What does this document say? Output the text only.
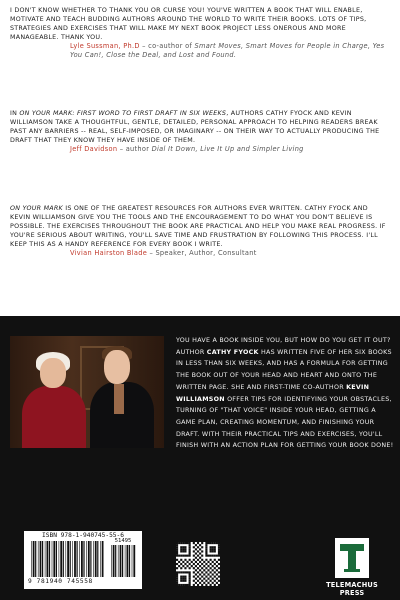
I DON'T KNOW WHETHER TO THANK YOU OR CURSE YOU! YOU'VE WRITTEN A BOOK THAT WILL ENABLE, MOTIVATE AND TEACH BUDDING AUTHORS AROUND THE WORLD TO WRITE THEIR BOOKS. LOTS OF TIPS, STRATEGIES AND EXERCISES THAT WILL MAKE MY NEXT BOOK PROJECT LESS ONEROUS AND MORE MANAGEABLE. THANK YOU.

Lyle Sussman, Ph.D – co-author of Smart Moves, Smart Moves for People in Charge, Yes You Can!, Close the Deal, and Lost and Found.

IN ON YOUR MARK: FIRST WORD TO FIRST DRAFT IN SIX WEEKS, AUTHORS CATHY FYOCK AND KEVIN WILLIAMSON TAKE A THOUGHTFUL, GENTLE, DETAILED, PERSONAL APPROACH TO HELPING READERS BREAK PAST ANY BARRIERS -- REAL, SELF-IMPOSED, OR IMAGINARY -- ON THEIR WAY TO ACTUALLY PRODUCING THE DRAFT THAT THEY KNOW THEY HAVE INSIDE OF THEM.

Jeff Davidson – author Dial It Down, Live It Up and Simpler Living

ON YOUR MARK IS ONE OF THE GREATEST RESOURCES FOR AUTHORS EVER WRITTEN. CATHY FYOCK AND KEVIN WILLIAMSON GIVE YOU THE TOOLS AND THE ENCOURAGEMENT TO DO WHAT YOU DON'T BELIEVE IS POSSIBLE. THE EXERCISES THROUGHOUT THE BOOK ARE PRACTICAL AND HELP YOU MAKE REAL PROGRESS. IF YOU'RE SERIOUS ABOUT WRITING, YOU'LL SAVE TIME AND FRUSTRATION BY FOLLOWING THIS PROCESS. I'LL KEEP THIS AS A HANDY REFERENCE FOR EVERY BOOK I WRITE.

Vivian Hairston Blade – Speaker, Author, Consultant

YOU HAVE A BOOK INSIDE YOU, BUT HOW DO YOU GET IT OUT? AUTHOR CATHY FYOCK HAS WRITTEN FIVE OF HER SIX BOOKS IN LESS THAN SIX WEEKS, AND HAS A FORMULA FOR GETTING THE BOOK OUT OF YOUR HEAD AND HEART AND ONTO THE WRITTEN PAGE. SHE AND FIRST-TIME CO-AUTHOR KEVIN WILLIAMSON OFFER TIPS FOR IDENTIFYING YOUR OBSTACLES, TURNING OF "THAT VOICE" INSIDE YOUR HEAD, GETTING A GAME PLAN, CREATING MOMENTUM, AND FINISHING YOUR DRAFT. WITH THEIR PRACTICAL TIPS AND EXERCISES, YOU'LL FINISH WITH AN ACTION PLAN FOR GETTING YOUR BOOK DONE!

ISBN 978-1-940745-55-6

51495

9 781940 745558	TELEMACHUS PRESS
